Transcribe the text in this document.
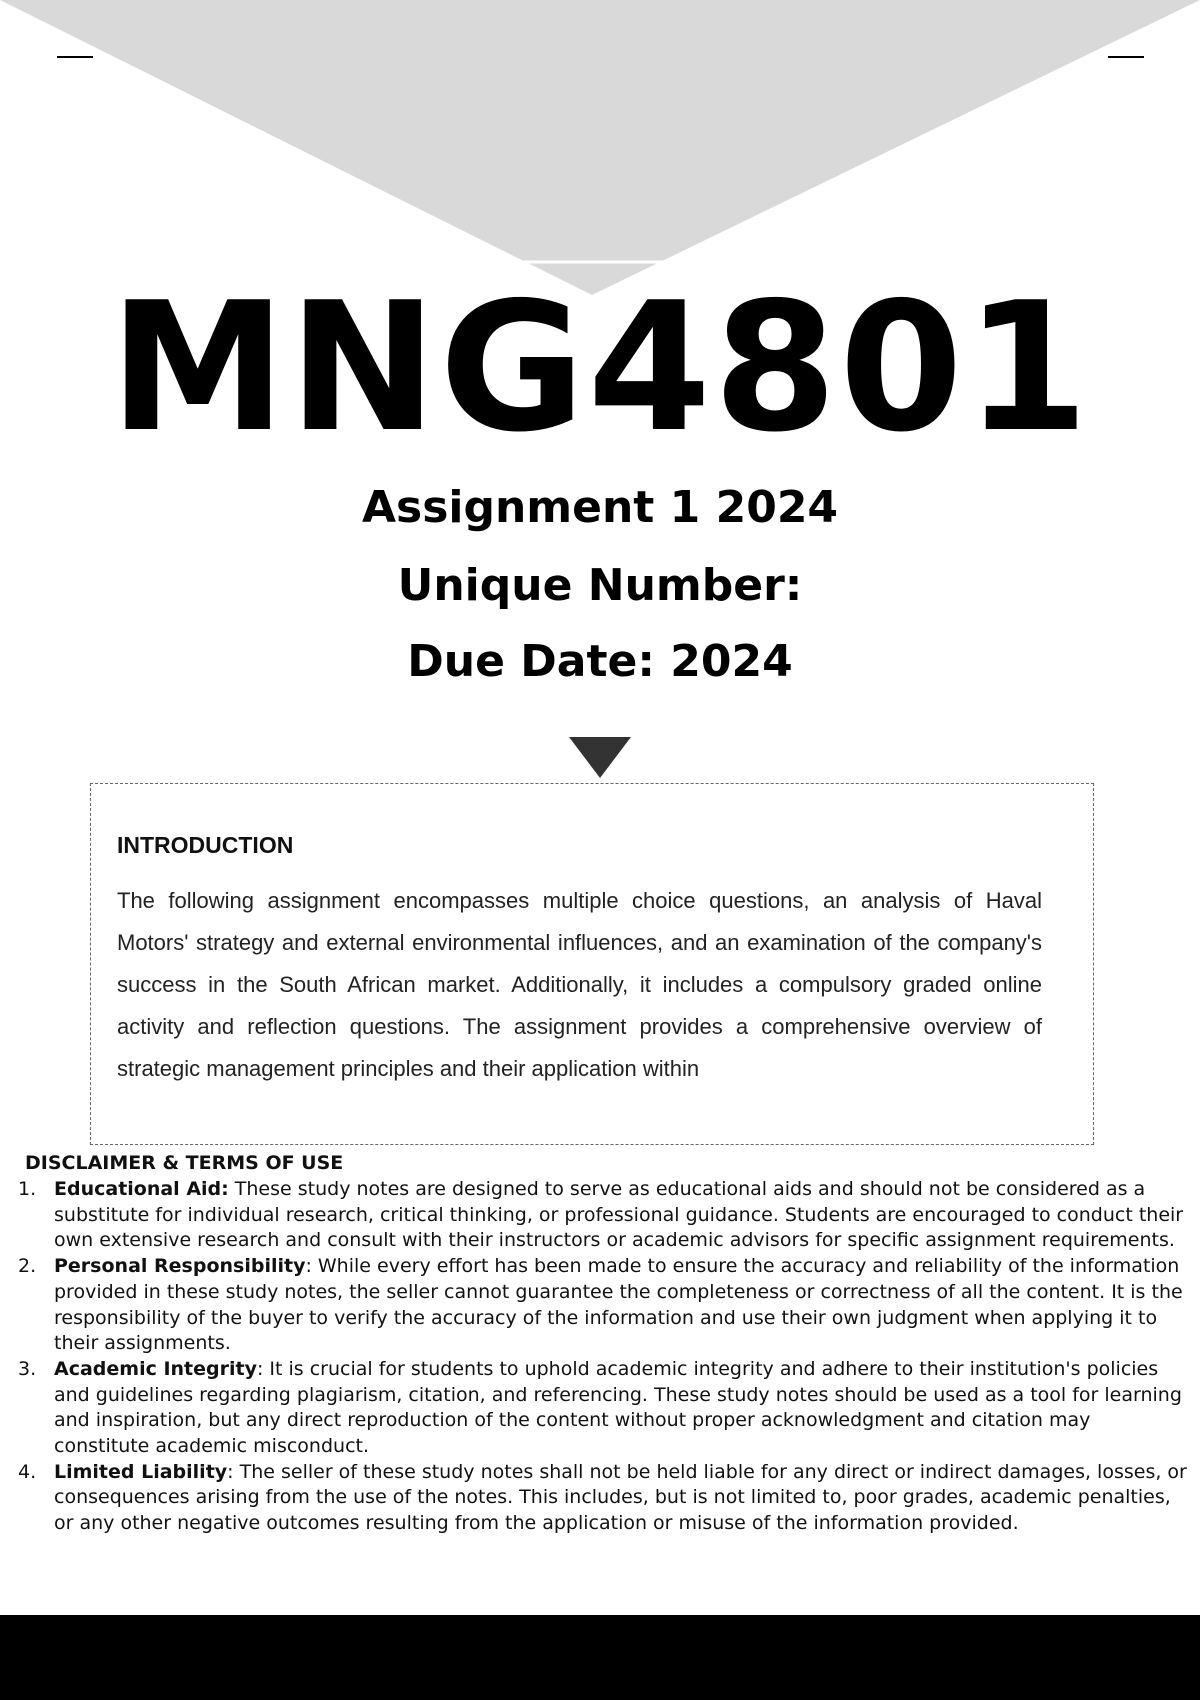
MNG4801
Assignment 1 2024
Unique Number:
Due Date: 2024
INTRODUCTION

The following assignment encompasses multiple choice questions, an analysis of Haval Motors' strategy and external environmental influences, and an examination of the company's success in the South African market. Additionally, it includes a compulsory graded online activity and reflection questions. The assignment provides a comprehensive overview of strategic management principles and their application within

DISCLAIMER & TERMS OF USE
1. Educational Aid: These study notes are designed to serve as educational aids and should not be considered as a substitute for individual research, critical thinking, or professional guidance. Students are encouraged to conduct their own extensive research and consult with their instructors or academic advisors for specific assignment requirements.
2. Personal Responsibility: While every effort has been made to ensure the accuracy and reliability of the information provided in these study notes, the seller cannot guarantee the completeness or correctness of all the content. It is the responsibility of the buyer to verify the accuracy of the information and use their own judgment when applying it to their assignments.
3. Academic Integrity: It is crucial for students to uphold academic integrity and adhere to their institution's policies and guidelines regarding plagiarism, citation, and referencing. These study notes should be used as a tool for learning and inspiration, but any direct reproduction of the content without proper acknowledgment and citation may constitute academic misconduct.
4. Limited Liability: The seller of these study notes shall not be held liable for any direct or indirect damages, losses, or consequences arising from the use of the notes. This includes, but is not limited to, poor grades, academic penalties, or any other negative outcomes resulting from the application or misuse of the information provided.
